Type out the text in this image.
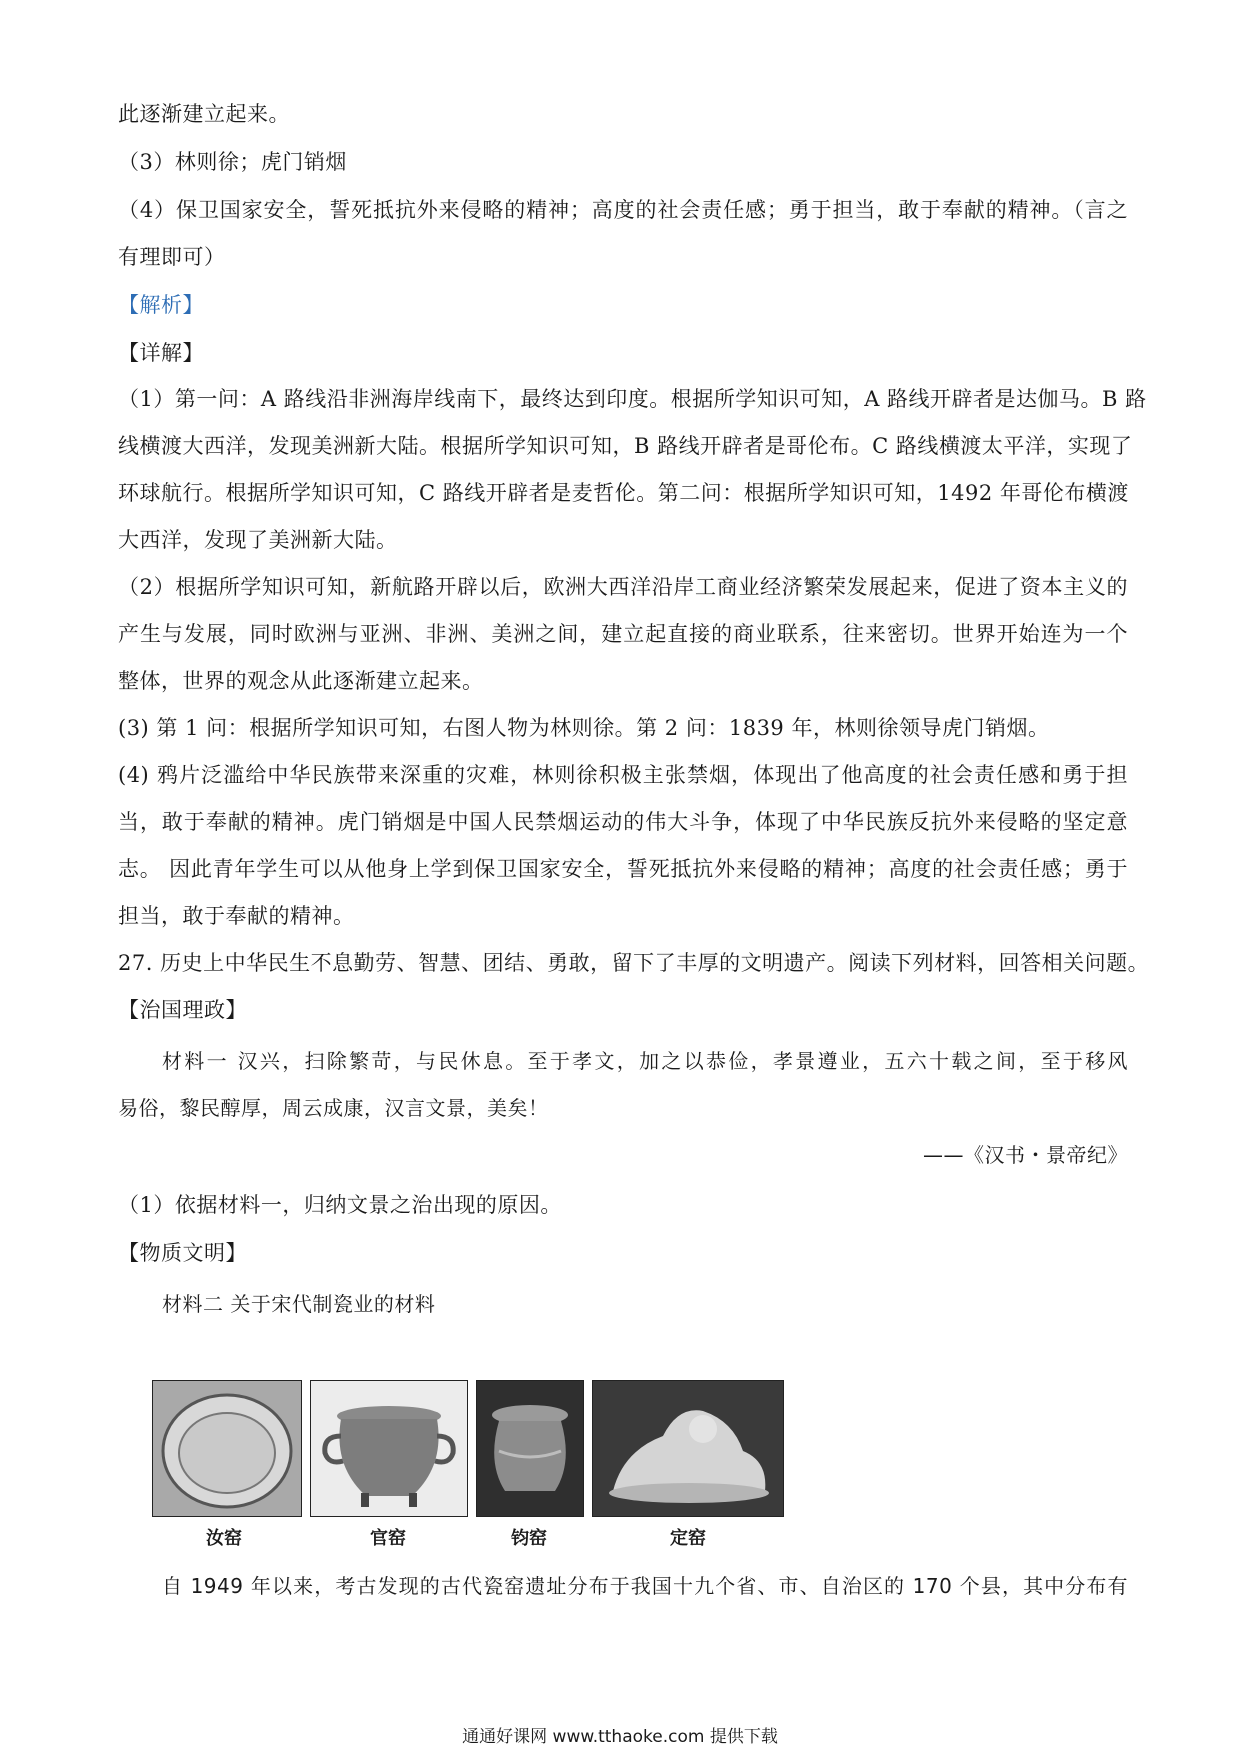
此逐渐建立起来。
（3）林则徐；虎门销烟
（4）保卫国家安全，誓死抵抗外来侵略的精神；高度的社会责任感；勇于担当，敢于奉献的精神。（言之
有理即可）
【解析】
【详解】
（1）第一问：A 路线沿非洲海岸线南下，最终达到印度。根据所学知识可知，A 路线开辟者是达伽马。B 路
线横渡大西洋，发现美洲新大陆。根据所学知识可知，B 路线开辟者是哥伦布。C 路线横渡太平洋，实现了
环球航行。根据所学知识可知，C 路线开辟者是麦哲伦。第二问：根据所学知识可知，1492 年哥伦布横渡
大西洋，发现了美洲新大陆。
（2）根据所学知识可知，新航路开辟以后，欧洲大西洋沿岸工商业经济繁荣发展起来，促进了资本主义的
产生与发展，同时欧洲与亚洲、非洲、美洲之间，建立起直接的商业联系，往来密切。世界开始连为一个
整体，世界的观念从此逐渐建立起来。
(3) 第 1 问：根据所学知识可知，右图人物为林则徐。第 2 问：1839 年，林则徐领导虎门销烟。
(4) 鸦片泛滥给中华民族带来深重的灾难，林则徐积极主张禁烟，体现出了他高度的社会责任感和勇于担
当，敢于奉献的精神。虎门销烟是中国人民禁烟运动的伟大斗争，体现了中华民族反抗外来侵略的坚定意
志。 因此青年学生可以从他身上学到保卫国家安全，誓死抵抗外来侵略的精神；高度的社会责任感；勇于
担当，敢于奉献的精神。
27. 历史上中华民生不息勤劳、智慧、团结、勇敢，留下了丰厚的文明遗产。阅读下列材料，回答相关问题。
【治国理政】
材料一 汉兴，扫除繁苛，与民休息。至于孝文，加之以恭俭，孝景遵业，五六十载之间，至于移风
易俗，黎民醇厚，周云成康，汉言文景，美矣！
——《汉书・景帝纪》
（1）依据材料一，归纳文景之治出现的原因。
【物质文明】
材料二 关于宋代制瓷业的材料
汝窑	官窑	钧窑	定窑
自 1949 年以来，考古发现的古代瓷窑遗址分布于我国十九个省、市、自治区的 170 个县，其中分布有
通通好课网 www.tthaoke.com 提供下载
